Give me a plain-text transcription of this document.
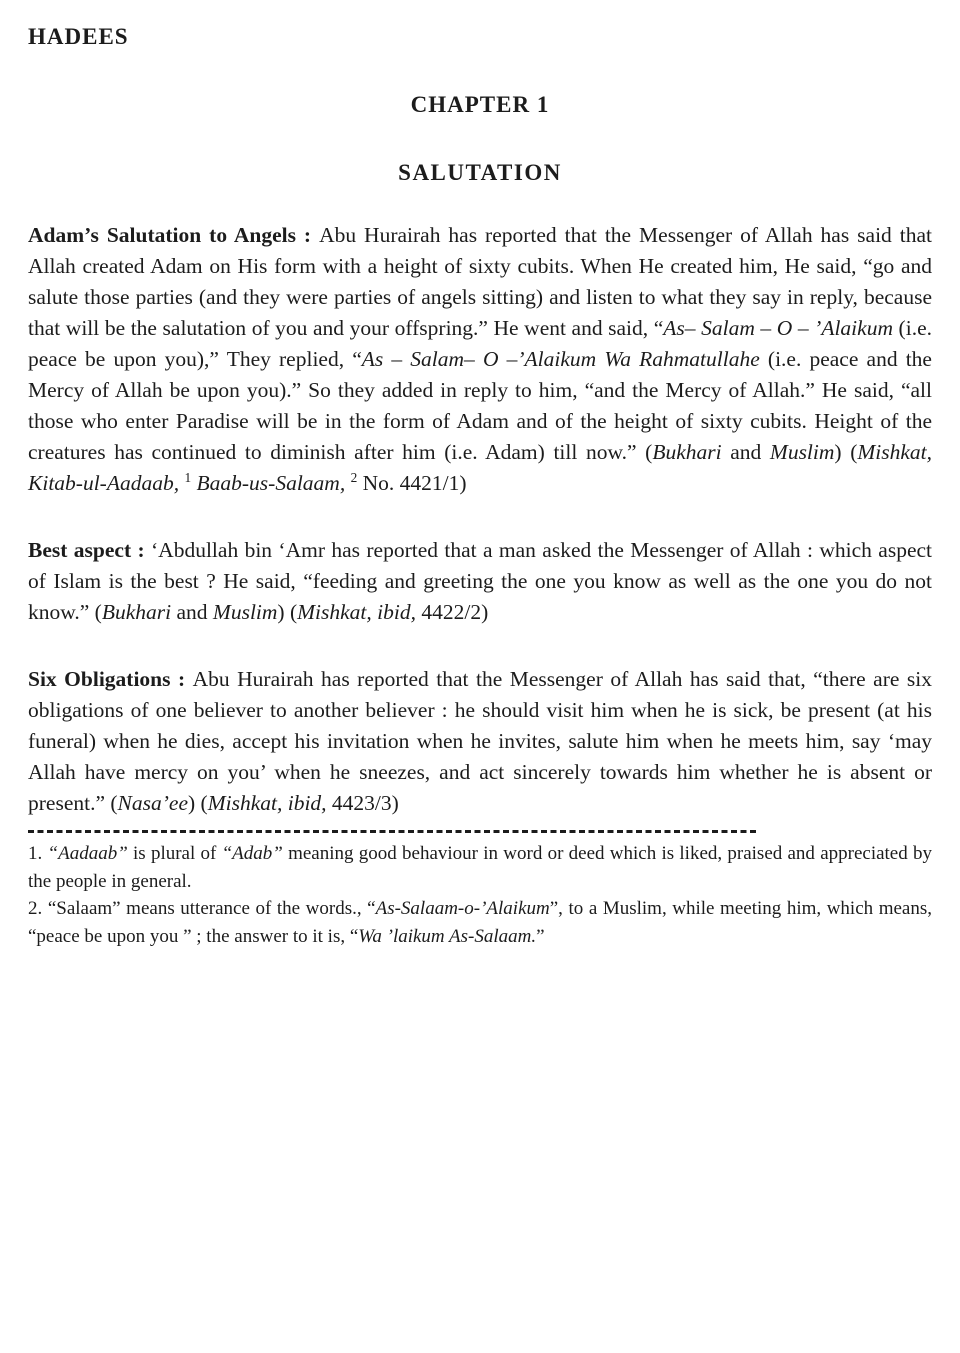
HADEES
CHAPTER 1
SALUTATION

Adam’s Salutation to Angels : Abu Hurairah has reported that the Messenger of Allah has said that Allah created Adam on His form with a height of sixty cubits. When He created him, He said, “go and salute those parties (and they were parties of angels sitting) and listen to what they say in reply, because that will be the salutation of you and your offspring.” He went and said, “As– Salam – O – ’Alaikum (i.e. peace be upon you),” They replied, “As – Salam– O –’Alaikum Wa Rahmatullahe (i.e. peace and the Mercy of Allah be upon you).” So they added in reply to him, “and the Mercy of Allah.” He said, “all those who enter Paradise will be in the form of Adam and of the height of sixty cubits. Height of the creatures has continued to diminish after him (i.e. Adam) till now.” (Bukhari and Muslim) (Mishkat, Kitab-ul-Aadaab, $^1$ Baab-us-Salaam, $^2$ No. 4421/1)

Best aspect : ‘Abdullah bin ‘Amr has reported that a man asked the Messenger of Allah : which aspect of Islam is the best ? He said, “feeding and greeting the one you know as well as the one you do not know.” (Bukhari and Muslim) (Mishkat, ibid, 4422/2)

Six Obligations : Abu Hurairah has reported that the Messenger of Allah has said that, “there are six obligations of one believer to another believer : he should visit him when he is sick, be present (at his funeral) when he dies, accept his invitation when he invites, salute him when he meets him, say ‘may Allah have mercy on you’ when he sneezes, and act sincerely towards him whether he is absent or present.” (Nasa’ee) (Mishkat, ibid, 4423/3)

1. “Aadaab” is plural of “Adab” meaning good behaviour in word or deed which is liked, praised and appreciated by the people in general.

2. “Salaam” means utterance of the words., “As-Salaam-o-’Alaikum”, to a Muslim, while meeting him, which means, “peace be upon you ” ; the answer to it is, “Wa ’laikum As-Salaam.”
